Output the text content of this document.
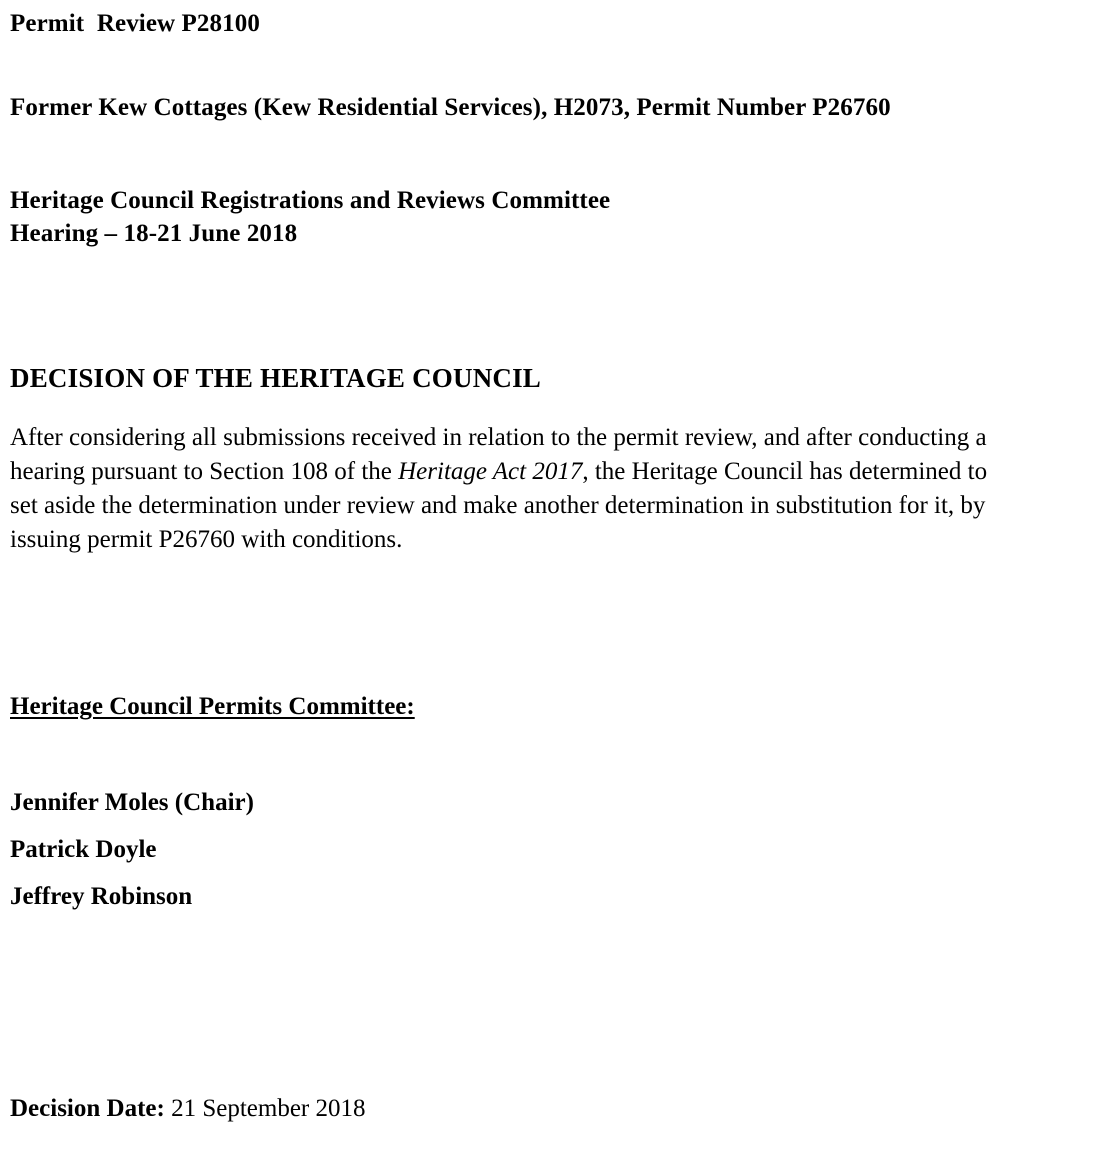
Permit  Review P28100
Former Kew Cottages (Kew Residential Services), H2073, Permit Number P26760
Heritage Council Registrations and Reviews Committee
Hearing – 18-21 June 2018
DECISION OF THE HERITAGE COUNCIL

After considering all submissions received in relation to the permit review, and after conducting a hearing pursuant to Section 108 of the Heritage Act 2017, the Heritage Council has determined to set aside the determination under review and make another determination in substitution for it, by issuing permit P26760 with conditions.

Heritage Council Permits Committee:
Jennifer Moles (Chair)
Patrick Doyle
Jeffrey Robinson
Decision Date: 21 September 2018
